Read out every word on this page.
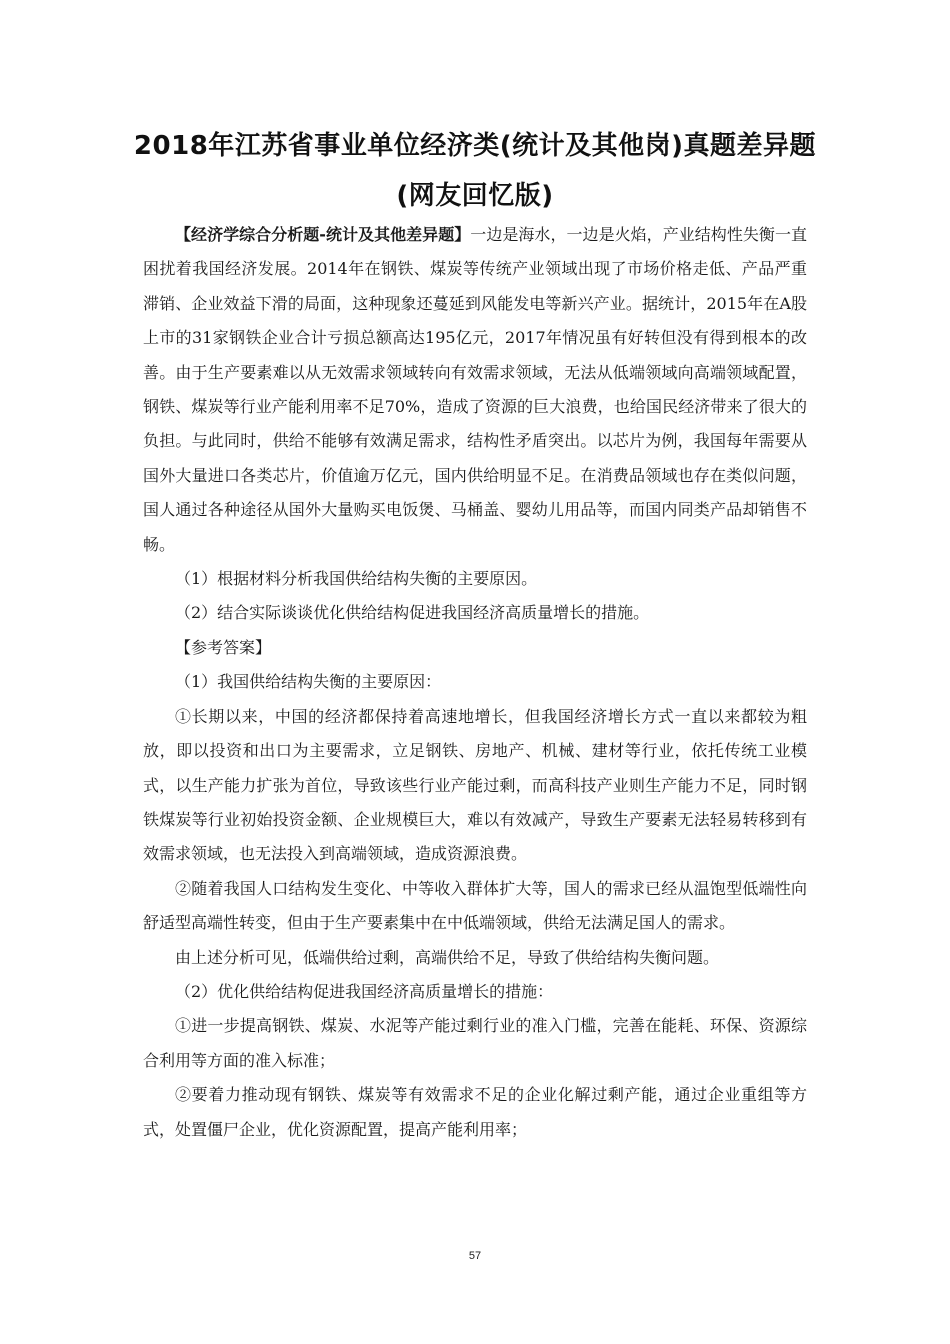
2018年江苏省事业单位经济类(统计及其他岗)真题差异题
(网友回忆版)

【经济学综合分析题-统计及其他差异题】一边是海水，一边是火焰，产业结构性失衡一直困扰着我国经济发展。2014年在钢铁、煤炭等传统产业领域出现了市场价格走低、产品严重滞销、企业效益下滑的局面，这种现象还蔓延到风能发电等新兴产业。据统计，2015年在A股上市的31家钢铁企业合计亏损总额高达195亿元，2017年情况虽有好转但没有得到根本的改善。由于生产要素难以从无效需求领域转向有效需求领域，无法从低端领域向高端领域配置，钢铁、煤炭等行业产能利用率不足70%，造成了资源的巨大浪费，也给国民经济带来了很大的负担。与此同时，供给不能够有效满足需求，结构性矛盾突出。以芯片为例，我国每年需要从国外大量进口各类芯片，价值逾万亿元，国内供给明显不足。在消费品领域也存在类似问题，国人通过各种途径从国外大量购买电饭煲、马桶盖、婴幼儿用品等，而国内同类产品却销售不畅。

（1）根据材料分析我国供给结构失衡的主要原因。

（2）结合实际谈谈优化供给结构促进我国经济高质量增长的措施。

【参考答案】

（1）我国供给结构失衡的主要原因：

①长期以来，中国的经济都保持着高速地增长，但我国经济增长方式一直以来都较为粗放，即以投资和出口为主要需求，立足钢铁、房地产、机械、建材等行业，依托传统工业模式，以生产能力扩张为首位，导致该些行业产能过剩，而高科技产业则生产能力不足，同时钢铁煤炭等行业初始投资金额、企业规模巨大，难以有效减产，导致生产要素无法轻易转移到有效需求领域，也无法投入到高端领域，造成资源浪费。

②随着我国人口结构发生变化、中等收入群体扩大等，国人的需求已经从温饱型低端性向舒适型高端性转变，但由于生产要素集中在中低端领域，供给无法满足国人的需求。

由上述分析可见，低端供给过剩，高端供给不足，导致了供给结构失衡问题。

（2）优化供给结构促进我国经济高质量增长的措施：

①进一步提高钢铁、煤炭、水泥等产能过剩行业的准入门槛，完善在能耗、环保、资源综合利用等方面的准入标准；

②要着力推动现有钢铁、煤炭等有效需求不足的企业化解过剩产能，通过企业重组等方式，处置僵尸企业，优化资源配置，提高产能利用率；

57
